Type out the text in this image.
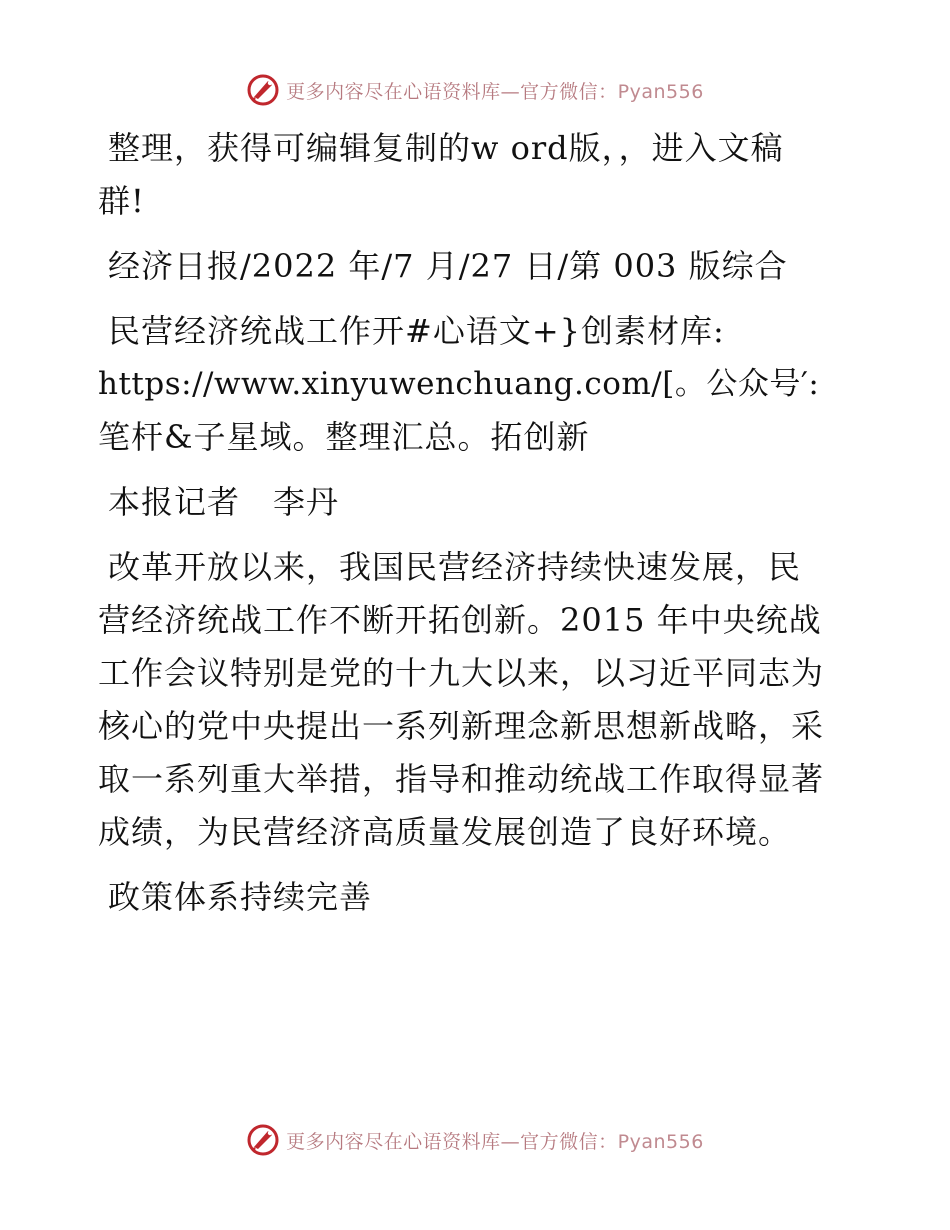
更多内容尽在心语资料库—官方微信：Pyan556

整理，获得可编辑复制的w ord版，，进入文稿
群!

经济日报/2022 年/7 月/27 日/第 003 版综合

民营经济统战工作开#心语文+}创素材库:
https://www.xinyuwenchuang.com/[。公众号′:
笔杆&子星域。整理汇总。拓创新

本报记者　李丹

改革开放以来，我国民营经济持续快速发展，民
营经济统战工作不断开拓创新。2015 年中央统战
工作会议特别是党的十九大以来，以习近平同志为
核心的党中央提出一系列新理念新思想新战略，采
取一系列重大举措，指导和推动统战工作取得显著
成绩，为民营经济高质量发展创造了良好环境。

政策体系持续完善

更多内容尽在心语资料库—官方微信：Pyan556
